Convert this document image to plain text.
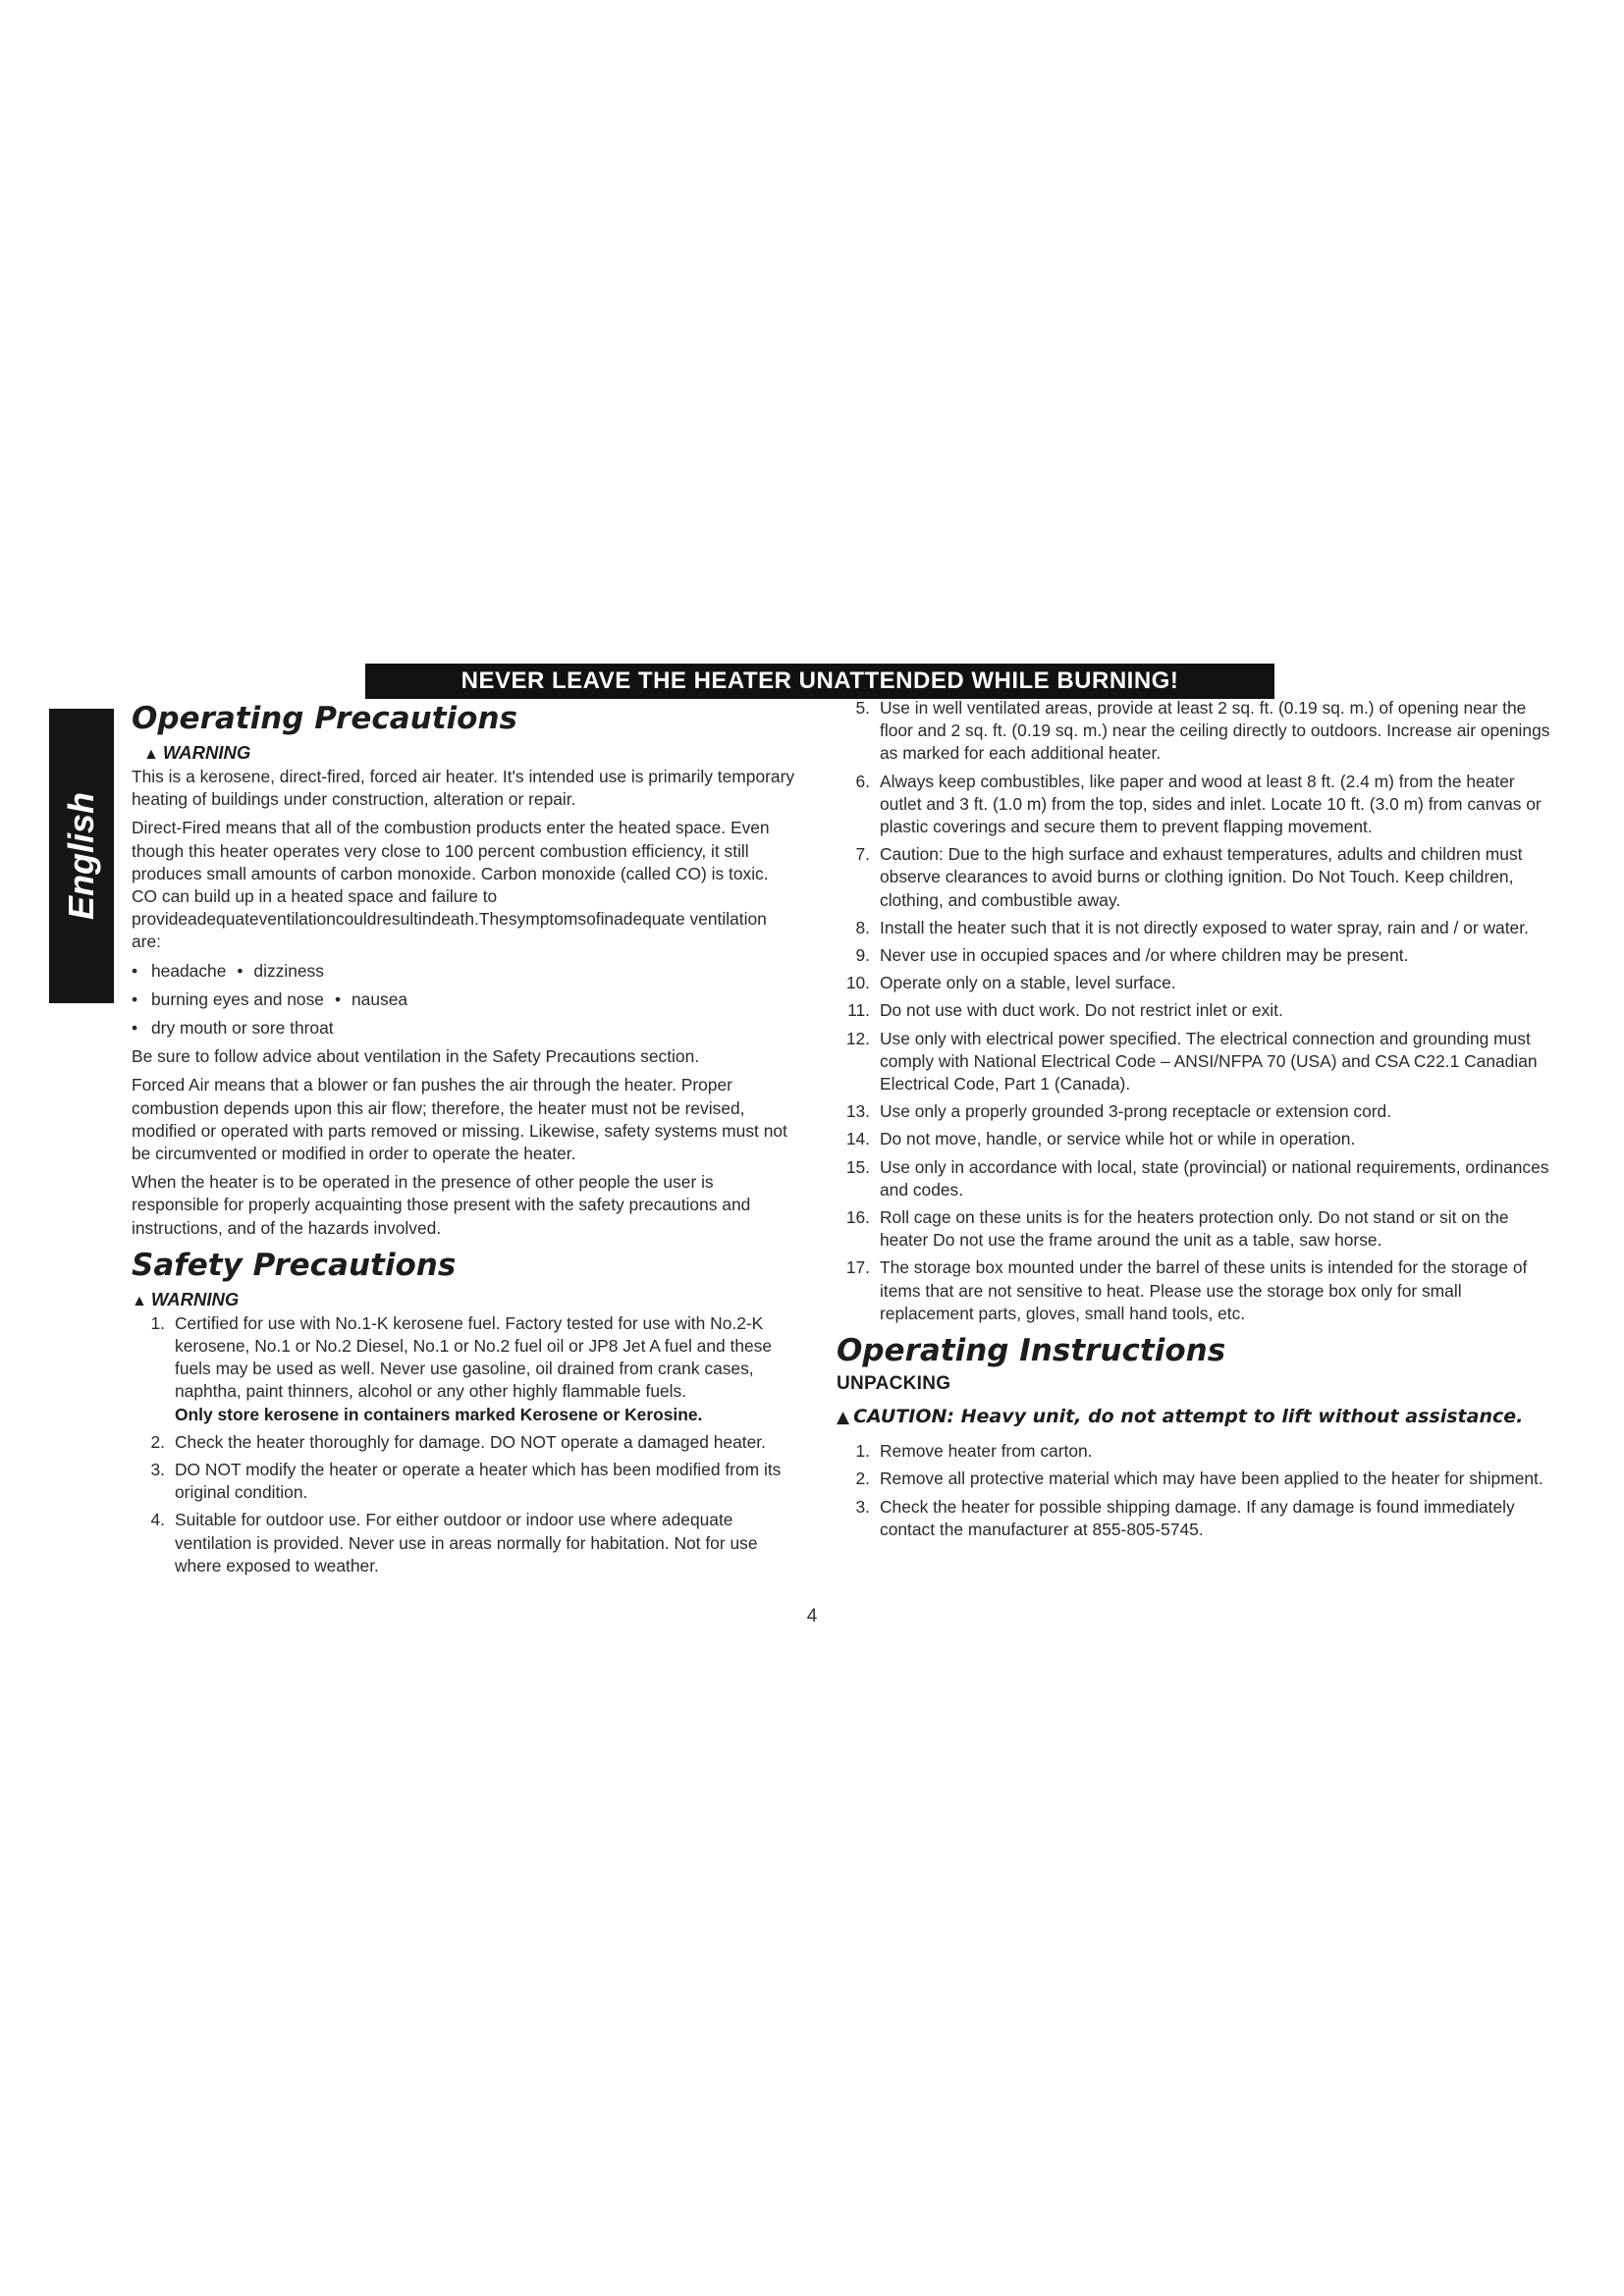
NEVER LEAVE THE HEATER UNATTENDED WHILE BURNING!
English
Operating Precautions
▲ WARNING

This is a kerosene, direct-fired, forced air heater. It's intended use is primarily temporary heating of buildings under construction, alteration or repair.

Direct-Fired means that all of the combustion products enter the heated space. Even though this heater operates very close to 100 percent combustion efficiency, it still produces small amounts of carbon monoxide. Carbon monoxide (called CO) is toxic. CO can build up in a heated space and failure to provideadequateventilationcouldresultindeath.Thesymptomsofinadequate ventilation are:

• headache • dizziness
• burning eyes and nose • nausea
• dry mouth or sore throat

Be sure to follow advice about ventilation in the Safety Precautions section.

Forced Air means that a blower or fan pushes the air through the heater. Proper combustion depends upon this air flow; therefore, the heater must not be revised, modified or operated with parts removed or missing. Likewise, safety systems must not be circumvented or modified in order to operate the heater.

When the heater is to be operated in the presence of other people the user is responsible for properly acquainting those present with the safety precautions and instructions, and of the hazards involved.

Safety Precautions
▲ WARNING
1. Certified for use with No.1-K kerosene fuel. Factory tested for use with No.2-K kerosene, No.1 or No.2 Diesel, No.1 or No.2 fuel oil or JP8 Jet A fuel and these fuels may be used as well. Never use gasoline, oil drained from crank cases, naphtha, paint thinners, alcohol or any other highly flammable fuels.
Only store kerosene in containers marked Kerosene or Kerosine.
2. Check the heater thoroughly for damage. DO NOT operate a damaged heater.
3. DO NOT modify the heater or operate a heater which has been modified from its original condition.
4. Suitable for outdoor use. For either outdoor or indoor use where adequate ventilation is provided. Never use in areas normally for habitation. Not for use where exposed to weather.
5. Use in well ventilated areas, provide at least 2 sq. ft. (0.19 sq. m.) of opening near the floor and 2 sq. ft. (0.19 sq. m.) near the ceiling directly to outdoors. Increase air openings as marked for each additional heater.
6. Always keep combustibles, like paper and wood at least 8 ft. (2.4 m) from the heater outlet and 3 ft. (1.0 m) from the top, sides and inlet. Locate 10 ft. (3.0 m) from canvas or plastic coverings and secure them to prevent flapping movement.
7. Caution: Due to the high surface and exhaust temperatures, adults and children must observe clearances to avoid burns or clothing ignition. Do Not Touch. Keep children, clothing, and combustible away.
8. Install the heater such that it is not directly exposed to water spray, rain and / or water.
9. Never use in occupied spaces and /or where children may be present.
10. Operate only on a stable, level surface.
11. Do not use with duct work. Do not restrict inlet or exit.
12. Use only with electrical power specified. The electrical connection and grounding must comply with National Electrical Code – ANSI/NFPA 70 (USA) and CSA C22.1 Canadian Electrical Code, Part 1 (Canada).
13. Use only a properly grounded 3-prong receptacle or extension cord.
14. Do not move, handle, or service while hot or while in operation.
15. Use only in accordance with local, state (provincial) or national requirements, ordinances and codes.
16. Roll cage on these units is for the heaters protection only. Do not stand or sit on the heater Do not use the frame around the unit as a table, saw horse.
17. The storage box mounted under the barrel of these units is intended for the storage of items that are not sensitive to heat. Please use the storage box only for small replacement parts, gloves, small hand tools, etc.
Operating Instructions
UNPACKING
▲ CAUTION: Heavy unit, do not attempt to lift without assistance.
1. Remove heater from carton.
2. Remove all protective material which may have been applied to the heater for shipment.
3. Check the heater for possible shipping damage. If any damage is found immediately contact the manufacturer at 855-805-5745.
4
